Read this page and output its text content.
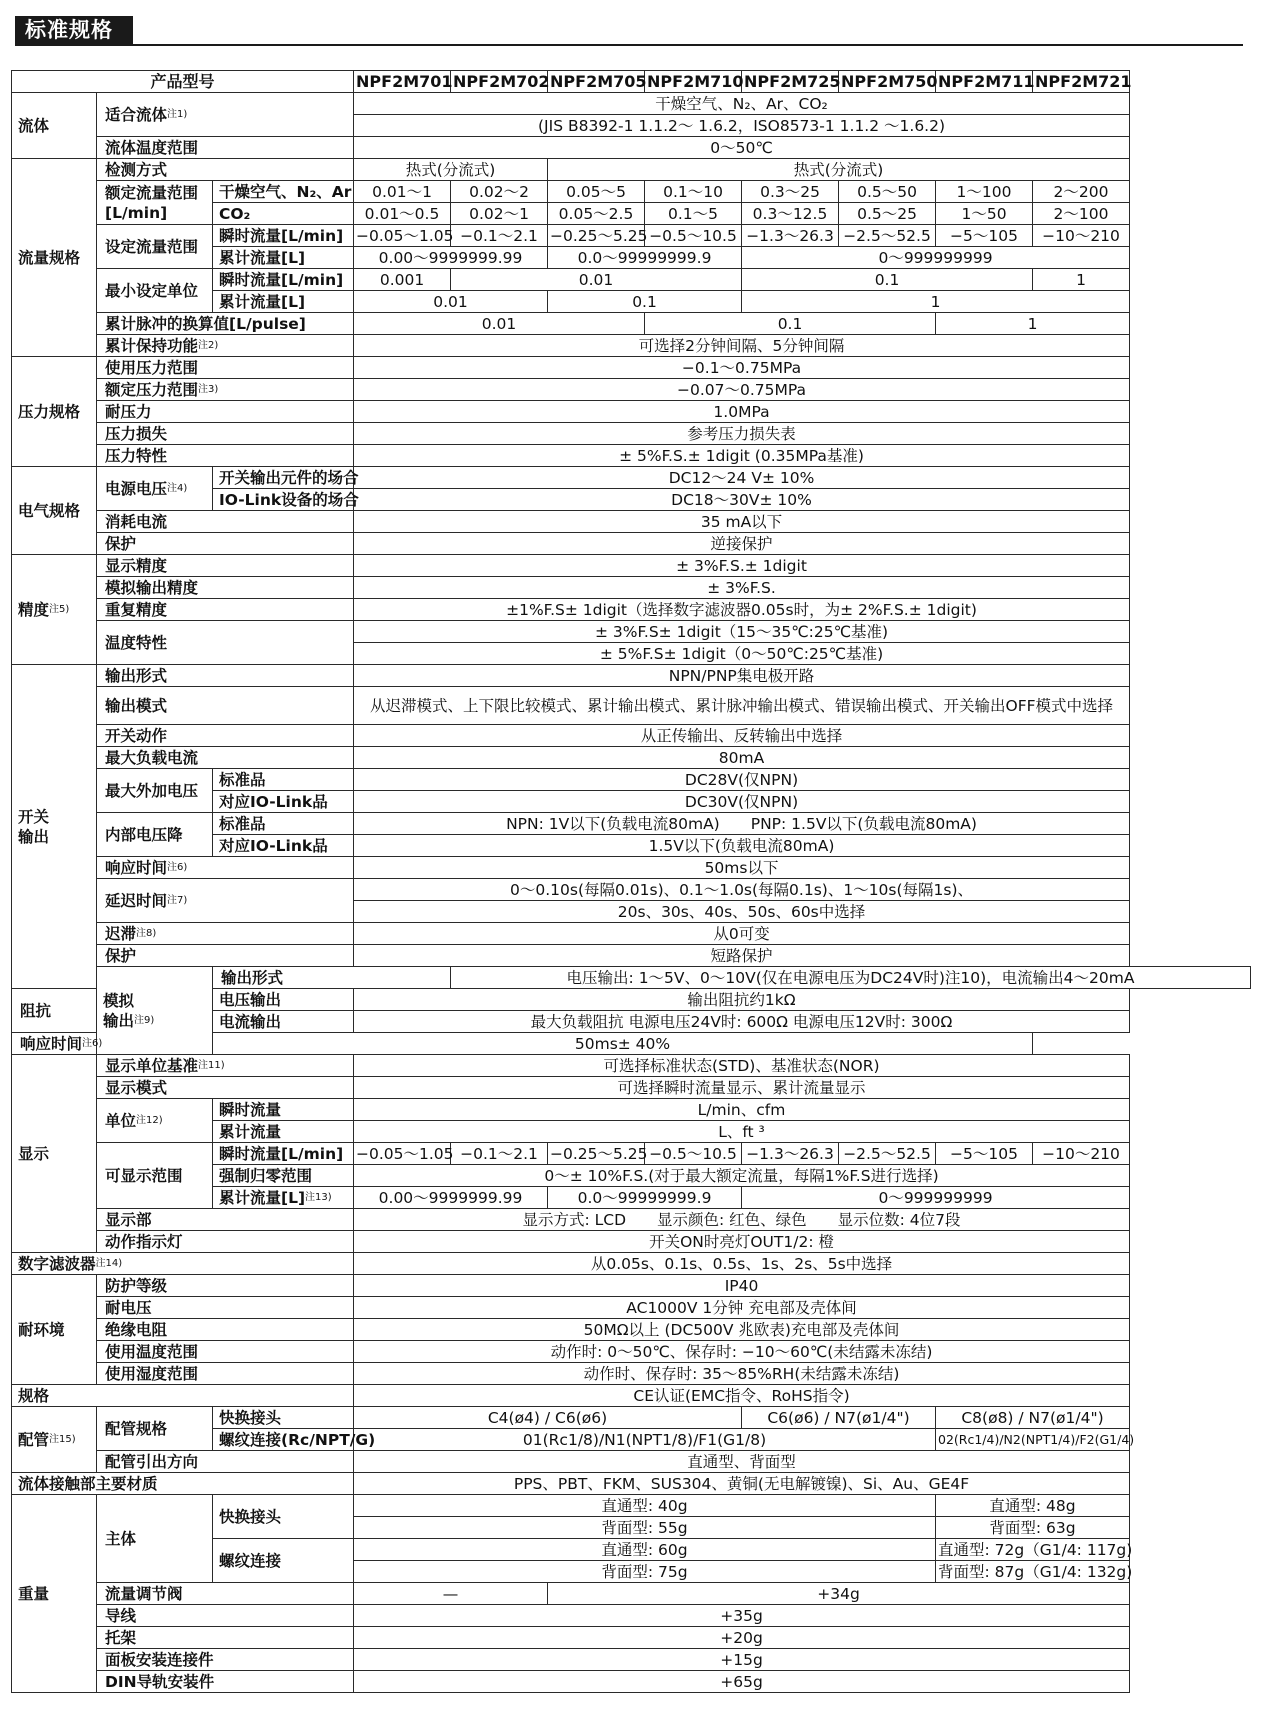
标准规格
产品型号			NPF2M701	NPF2M702	NPF2M705	NPF2M710	NPF2M725	NPF2M750	NPF2M711	NPF2M721
流体	适合流体$^{注1)}$		干燥空气、N₂、Ar、CO₂							
			(JIS B8392-1 1.1.2～ 1.6.2，ISO8573-1 1.1.2 ～1.6.2)							
	流体温度范围		0～50℃							
流量规格	检测方式		热式(分流式)		热式(分流式)					
	额定流量范围
[L/min]	干燥空气、N₂、Ar	0.01～1	0.02～2	0.05～5	0.1～10	0.3～25	0.5～50	1～100	2～200
		CO₂	0.01～0.5	0.02～1	0.05～2.5	0.1～5	0.3～12.5	0.5～25	1～50	2～100
	设定流量范围	瞬时流量[L/min]	−0.05～1.05	−0.1～2.1	−0.25～5.25	−0.5～10.5	−1.3～26.3	−2.5～52.5	−5～105	−10～210
		累计流量[L]	0.00～9999999.99		0.0～99999999.9		0～999999999			
	最小设定单位	瞬时流量[L/min]	0.001	0.01			0.1			1
		累计流量[L]	0.01		0.1		1			
	累计脉冲的换算值[L/pulse]		0.01			0.1			1	
	累计保持功能$^{注2)}$		可选择2分钟间隔、5分钟间隔							
压力规格	使用压力范围		−0.1～0.75MPa							
	额定压力范围$^{注3)}$		−0.07～0.75MPa							
	耐压力		1.0MPa							
	压力损失		参考压力损失表							
	压力特性		± 5%F.S.± 1digit (0.35MPa基准)							
电气规格	电源电压$^{注4)}$	开关输出元件的场合	DC12～24 V± 10%							
		IO-Link设备的场合	DC18～30V± 10%							
	消耗电流		35 mA以下							
	保护		逆接保护							
精度$^{注5)}$	显示精度		± 3%F.S.± 1digit							
	模拟输出精度		± 3%F.S.							
	重复精度		±1%F.S± 1digit（选择数字滤波器0.05s时，为± 2%F.S.± 1digit)							
	温度特性		± 3%F.S± 1digit（15～35℃:25℃基准)							
			± 5%F.S± 1digit（0～50℃:25℃基准)							
开关
输出	输出形式		NPN/PNP集电极开路							
	输出模式		从迟滞模式、上下限比较模式、累计输出模式、累计脉冲输出模式、错误输出模式、开关输出OFF模式中选择							
	开关动作		从正传输出、反转输出中选择							
	最大负载电流		80mA							
	最大外加电压	标准品	DC28V(仅NPN)							
		对应IO-Link品	DC30V(仅NPN)							
	内部电压降	标准品	NPN: 1V以下(负载电流80mA)　　PNP: 1.5V以下(负载电流80mA)							
		对应IO-Link品	1.5V以下(负载电流80mA)							
	响应时间$^{注6)}$		50ms以下							
	延迟时间$^{注7)}$		0～0.10s(每隔0.01s)、0.1～1.0s(每隔0.1s)、1～10s(每隔1s)、							
			20s、30s、40s、50s、60s中选择							
	迟滞$^{注8)}$		从0可变							
	保护		短路保护							
	模拟
输出$^{注9)}$	输出形式		电压输出: 1～5V、0～10V(仅在电源电压为DC24V时)注10)，电流输出4～20mA						
阻抗		电压输出	输出阻抗约1kΩ							
		电流输出	最大负载阻抗 电源电压24V时: 600Ω 电源电压12V时: 300Ω							
响应时间$^{注6)}$		50ms± 40%								
显示	显示单位基准$^{注11)}$		可选择标准状态(STD)、基准状态(NOR)							
	显示模式		可选择瞬时流量显示、累计流量显示							
	单位$^{注12)}$	瞬时流量	L/min、cfm							
		累计流量	L、ft ³							
	可显示范围	瞬时流量[L/min]	−0.05～1.05	−0.1～2.1	−0.25～5.25	−0.5～10.5	−1.3～26.3	−2.5～52.5	−5～105	−10～210
		强制归零范围	0～± 10%F.S.(对于最大额定流量，每隔1%F.S进行选择)							
		累计流量[L]$^{注13)}$	0.00～9999999.99		0.0～99999999.9		0～999999999			
	显示部		显示方式: LCD　　显示颜色: 红色、绿色　　显示位数: 4位7段							
	动作指示灯		开关ON时亮灯OUT1/2: 橙							
数字滤波器$^{注14)}$			从0.05s、0.1s、0.5s、1s、2s、5s中选择							
耐环境	防护等级		IP40							
	耐电压		AC1000V 1分钟 充电部及壳体间							
	绝缘电阻		50MΩ以上 (DC500V 兆欧表)充电部及壳体间							
	使用温度范围		动作时: 0～50℃、保存时: −10～60℃(未结露未冻结)							
	使用湿度范围		动作时、保存时: 35～85%RH(未结露未冻结)							
规格			CE认证(EMC指令、RoHS指令)							
配管$^{注15)}$	配管规格	快换接头	C4(ø4) / C6(ø6)				C6(ø6) / N7(ø1/4")		C8(ø8) / N7(ø1/4")	
		螺纹连接(Rc/NPT/G)	01(Rc1/8)/N1(NPT1/8)/F1(G1/8)						02(Rc1/4)/N2(NPT1/4)/F2(G1/4)	
	配管引出方向		直通型、背面型							
流体接触部主要材质			PPS、PBT、FKM、SUS304、黄铜(无电解镀镍)、Si、Au、GE4F							
重量	主体	快换接头	直通型: 40g						直通型: 48g	
			背面型: 55g						背面型: 63g	
		螺纹连接	直通型: 60g						直通型: 72g（G1/4: 117g)	
			背面型: 75g						背面型: 87g（G1/4: 132g)	
	流量调节阀		—		+34g					
	导线		+35g							
	托架		+20g							
	面板安装连接件		+15g							
	DIN导轨安装件		+65g							
